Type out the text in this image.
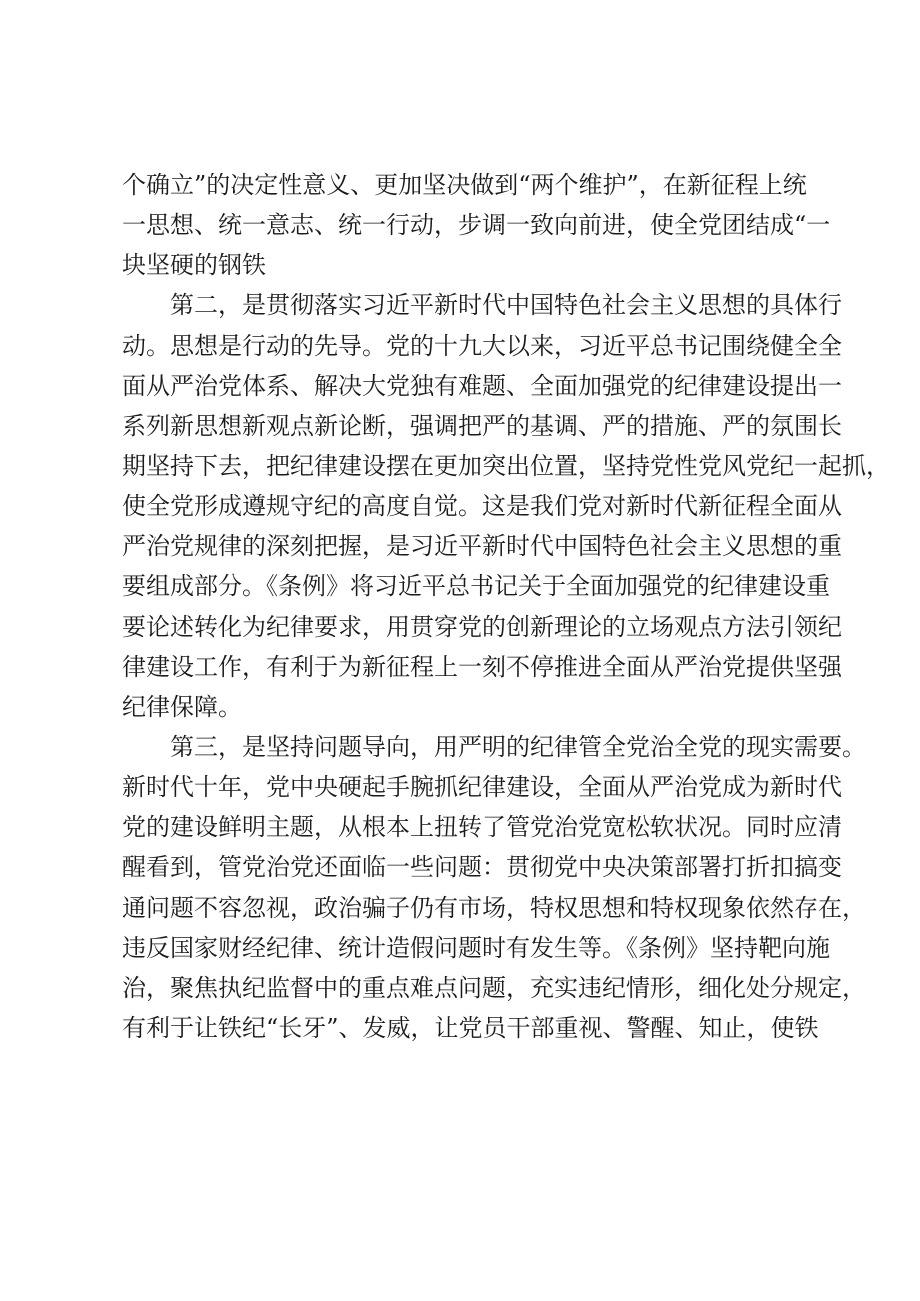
个确立”的决定性意义、更加坚决做到“两个维护”，在新征程上统
一思想、统一意志、统一行动，步调一致向前进，使全党团结成“一
块坚硬的钢铁
第二，是贯彻落实习近平新时代中国特色社会主义思想的具体行
动。思想是行动的先导。党的十九大以来，习近平总书记围绕健全全
面从严治党体系、解决大党独有难题、全面加强党的纪律建设提出一
系列新思想新观点新论断，强调把严的基调、严的措施、严的氛围长
期坚持下去，把纪律建设摆在更加突出位置，坚持党性党风党纪一起抓，
使全党形成遵规守纪的高度自觉。这是我们党对新时代新征程全面从
严治党规律的深刻把握，是习近平新时代中国特色社会主义思想的重
要组成部分。《条例》将习近平总书记关于全面加强党的纪律建设重
要论述转化为纪律要求，用贯穿党的创新理论的立场观点方法引领纪
律建设工作，有利于为新征程上一刻不停推进全面从严治党提供坚强
纪律保障。
第三，是坚持问题导向，用严明的纪律管全党治全党的现实需要。
新时代十年，党中央硬起手腕抓纪律建设，全面从严治党成为新时代
党的建设鲜明主题，从根本上扭转了管党治党宽松软状况。同时应清
醒看到，管党治党还面临一些问题：贯彻党中央决策部署打折扣搞变
通问题不容忽视，政治骗子仍有市场，特权思想和特权现象依然存在，
违反国家财经纪律、统计造假问题时有发生等。《条例》坚持靶向施
治，聚焦执纪监督中的重点难点问题，充实违纪情形，细化处分规定，
有利于让铁纪“长牙”、发威，让党员干部重视、警醒、知止，使铁
